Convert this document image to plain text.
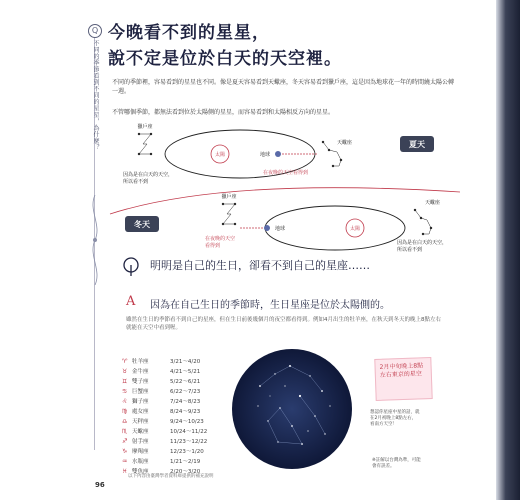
Q
不同的季節看到不同的星星，為什麼？
今晚看不到的星星，
說不定是位於白天的天空裡。
不同的季節裡，容易看到的星星也不同。像是夏天容易看到天蠍座，冬天容易看到獵戶座，這是因為地球花一年的時間繞太陽公轉一週。
不管哪個季節，都無法看到位於太陽側的星星，而容易看到和太陽相反方向的星星。
太陽	地球
獵戶座
因為是在白天的天空，所以看不到
天蠍座
在夜晚的天空看得到
夏天
冬天	太陽
地球
獵戶座
在夜晚的天空看得到
天蠍座
因為是在白天的天空，所以看不到
明明是自己的生日，卻看不到自己的星座……
A 因為在自己生日的季節時，生日星座是位於太陽側的。
雖然在生日的季節看不到自己的星座，但在生日前後幾個月的夜空都看得到。例如4月出生的牡羊座，在秋天到冬天的晚上8點左右就能在天空中看到喔。
♈ 牡羊座	3/21～4/20
♉ 金牛座	4/21～5/21
♊ 雙子座	5/22～6/21
♋ 巨蟹座	6/22～7/23
♌ 獅子座	7/24～8/23
♍ 處女座	8/24～9/23
♎ 天秤座	9/24～10/23
♏ 天蠍座	10/24～11/22
♐ 射手座	11/23～12/22
♑ 摩羯座	12/23～1/20
♒ 水瓶座	1/21～2/19
♓ 雙魚座	2/20～3/20
2月中旬晚上8點左右東京的星空
想認你星座中星的話，就在2月初晚上8點左右，看南方天空！
※註解以台灣為準，可能會有誤差。
以下內容由臺灣學者資料庫提供的補充說明
96
